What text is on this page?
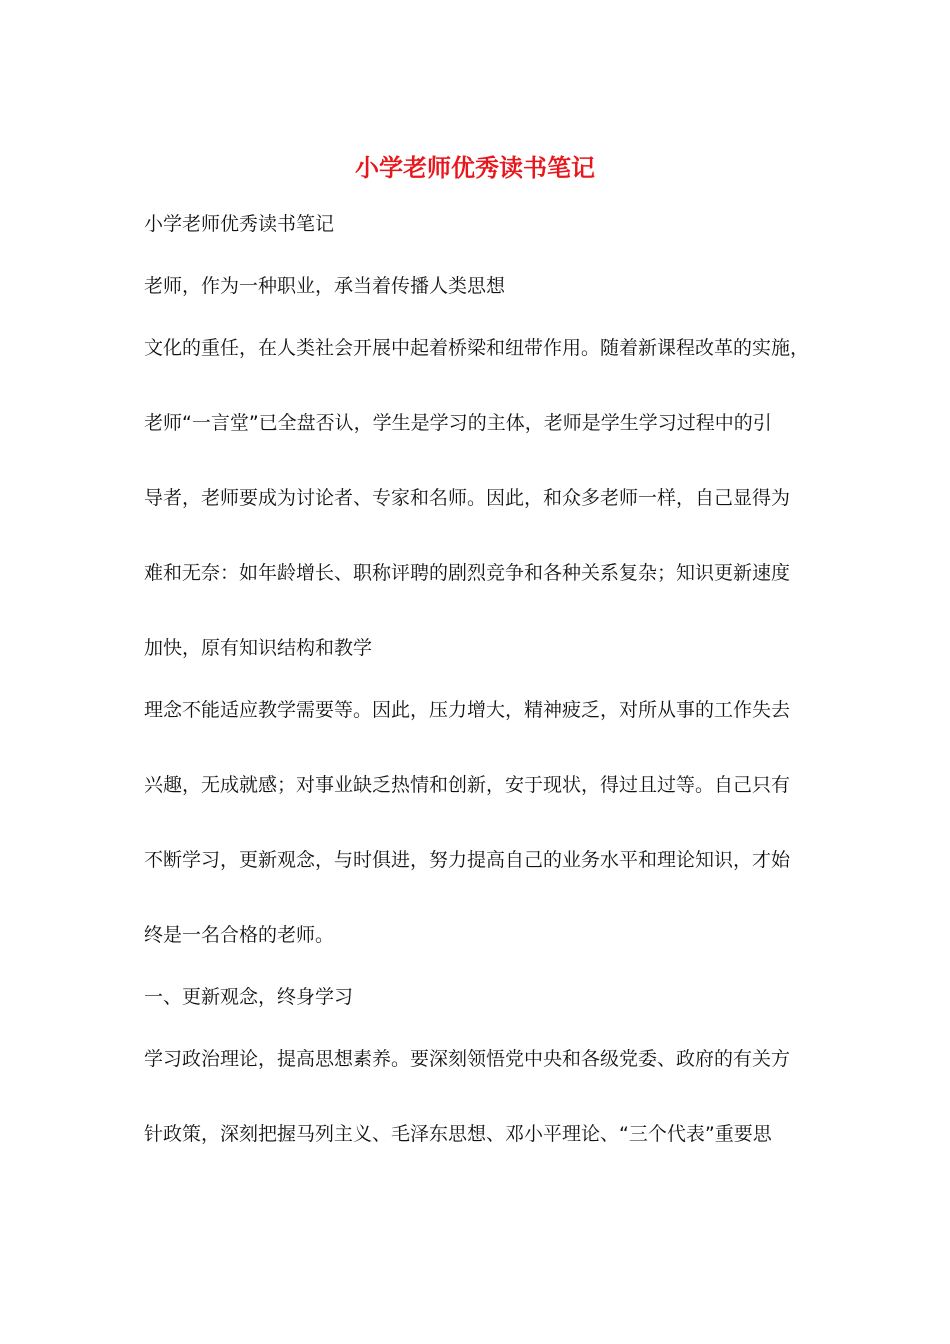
小学老师优秀读书笔记

小学老师优秀读书笔记

老师，作为一种职业，承当着传播人类思想

文化的重任，在人类社会开展中起着桥梁和纽带作用。随着新课程改革的实施，

老师“一言堂”已全盘否认，学生是学习的主体，老师是学生学习过程中的引

导者，老师要成为讨论者、专家和名师。因此，和众多老师一样，自己显得为

难和无奈：如年龄增长、职称评聘的剧烈竞争和各种关系复杂；知识更新速度

加快，原有知识结构和教学

理念不能适应教学需要等。因此，压力增大，精神疲乏，对所从事的工作失去

兴趣，无成就感；对事业缺乏热情和创新，安于现状，得过且过等。自己只有

不断学习，更新观念，与时俱进，努力提高自己的业务水平和理论知识，才始

终是一名合格的老师。

一、更新观念，终身学习

学习政治理论，提高思想素养。要深刻领悟党中央和各级党委、政府的有关方

针政策，深刻把握马列主义、毛泽东思想、邓小平理论、“三个代表”重要思
